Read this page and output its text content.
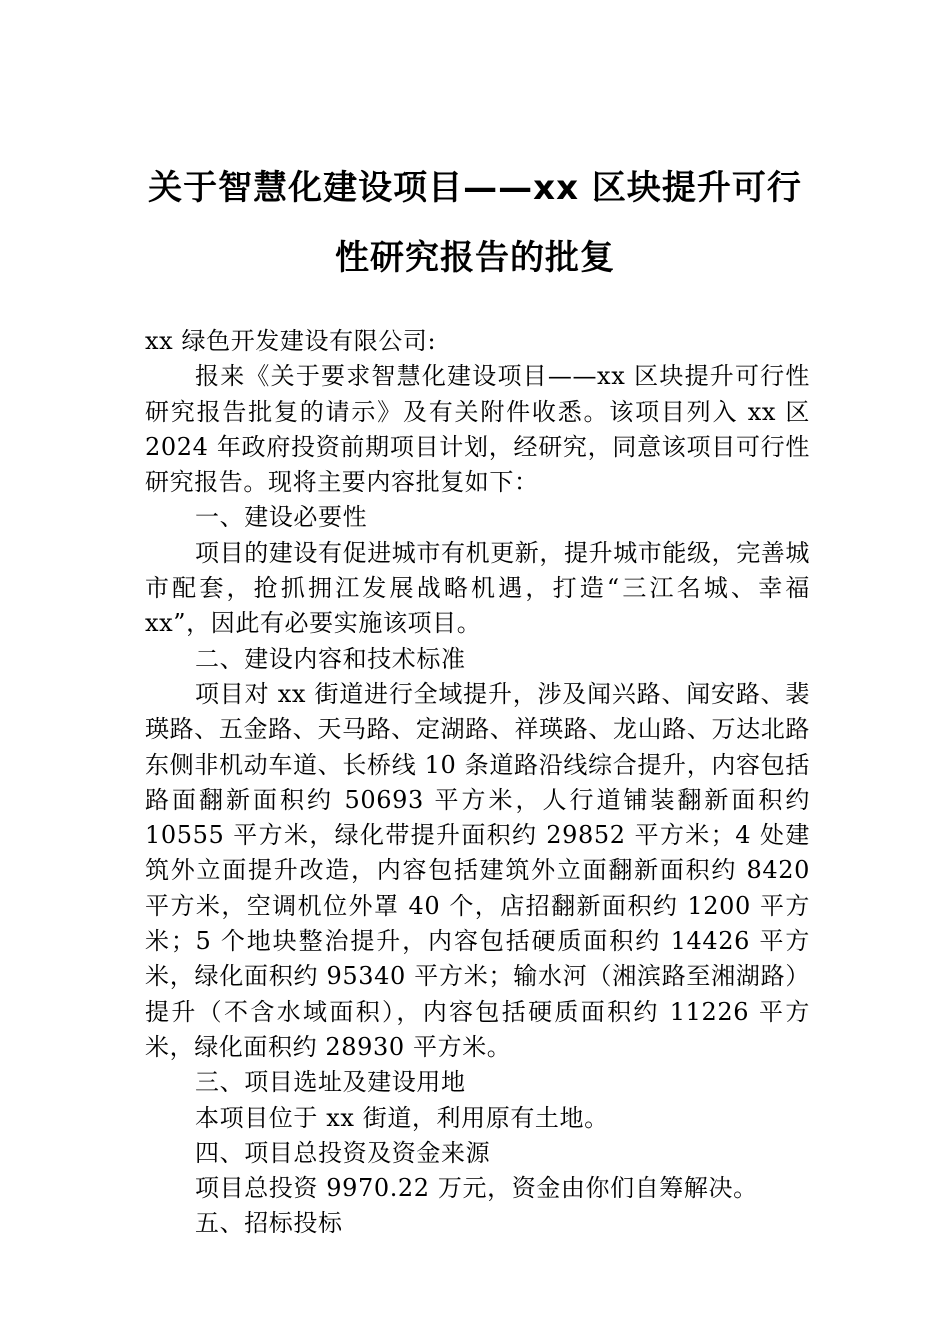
关于智慧化建设项目——xx 区块提升可行
性研究报告的批复

xx 绿色开发建设有限公司:

报来《关于要求智慧化建设项目——xx 区块提升可行性研究报告批复的请示》及有关附件收悉。该项目列入 xx 区 2024 年政府投资前期项目计划，经研究，同意该项目可行性研究报告。现将主要内容批复如下：

一、建设必要性

项目的建设有促进城市有机更新，提升城市能级，完善城市配套，抢抓拥江发展战略机遇，打造“三江名城、幸福 xx”，因此有必要实施该项目。

二、建设内容和技术标准

项目对 xx 街道进行全域提升，涉及闻兴路、闻安路、裴瑛路、五金路、天马路、定湖路、祥瑛路、龙山路、万达北路东侧非机动车道、长桥线 10 条道路沿线综合提升，内容包括路面翻新面积约 50693 平方米，人行道铺装翻新面积约 10555 平方米，绿化带提升面积约 29852 平方米；4 处建筑外立面提升改造，内容包括建筑外立面翻新面积约 8420 平方米，空调机位外罩 40 个，店招翻新面积约 1200 平方米；5 个地块整治提升，内容包括硬质面积约 14426 平方米，绿化面积约 95340 平方米；输水河（湘滨路至湘湖路）提升（不含水域面积），内容包括硬质面积约 11226 平方米，绿化面积约 28930 平方米。

三、项目选址及建设用地

本项目位于 xx 街道，利用原有土地。

四、项目总投资及资金来源

项目总投资 9970.22 万元，资金由你们自筹解决。

五、招标投标
